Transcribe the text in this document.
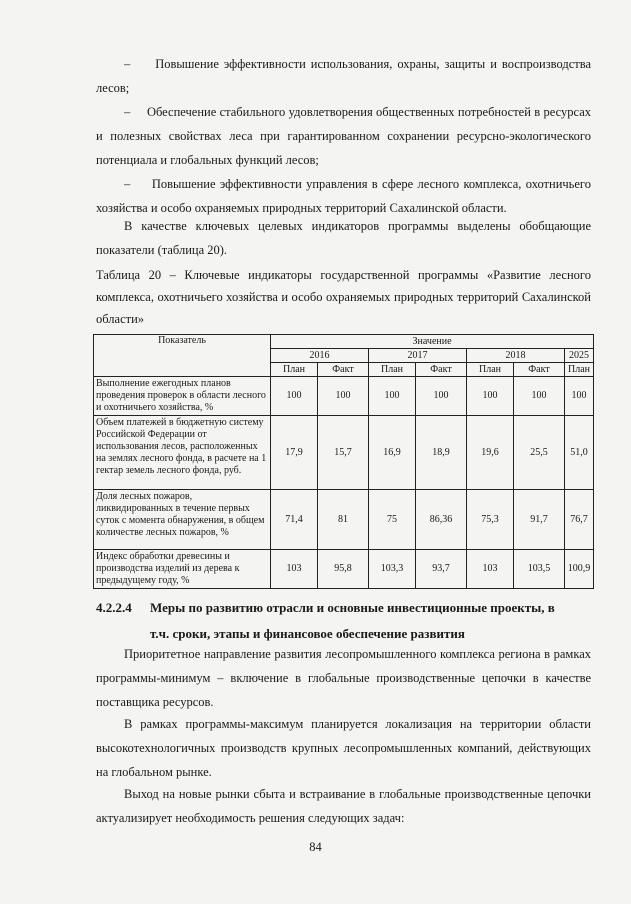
–     Повышение эффективности использования, охраны, защиты и воспроизводства лесов;

–     Обеспечение стабильного удовлетворения общественных потребностей в ресурсах и полезных свойствах леса при гарантированном сохранении ресурсно-экологического потенциала и глобальных функций лесов;

–     Повышение эффективности управления в сфере лесного комплекса, охотничьего хозяйства и особо охраняемых природных территорий Сахалинской области.

В качестве ключевых целевых индикаторов программы выделены обобщающие показатели (таблица 20).

Таблица 20 – Ключевые индикаторы государственной программы «Развитие лесного комплекса, охотничьего хозяйства и особо охраняемых природных территорий Сахалинской области»

Показатель	Значение						
	2016		2017		2018		2025
	План	Факт	План	Факт	План	Факт	План
Выполнение ежегодных планов проведения проверок в области лесного и охотничьего хозяйства, %	100	100	100	100	100	100	100
Объем платежей в бюджетную систему Российской Федерации от использования лесов, расположенных на землях лесного фонда, в расчете на 1 гектар земель лесного фонда, руб.	17,9	15,7	16,9	18,9	19,6	25,5	51,0
Доля лесных пожаров, ликвидированных в течение первых суток с момента обнаружения, в общем количестве лесных пожаров, %	71,4	81	75	86,36	75,3	91,7	76,7
Индекс обработки древесины и производства изделий из дерева к предыдущему году, %	103	95,8	103,3	93,7	103	103,5	100,9
4.2.2.4 Меры по развитию отрасли и основные инвестиционные проекты, в
т.ч. сроки, этапы и финансовое обеспечение развития

Приоритетное направление развития лесопромышленного комплекса региона в рамках программы-минимум – включение в глобальные производственные цепочки в качестве поставщика ресурсов.

В рамках программы-максимум планируется локализация на территории области высокотехнологичных производств крупных лесопромышленных компаний, действующих на глобальном рынке.

Выход на новые рынки сбыта и встраивание в глобальные производственные цепочки актуализирует необходимость решения следующих задач:

84
